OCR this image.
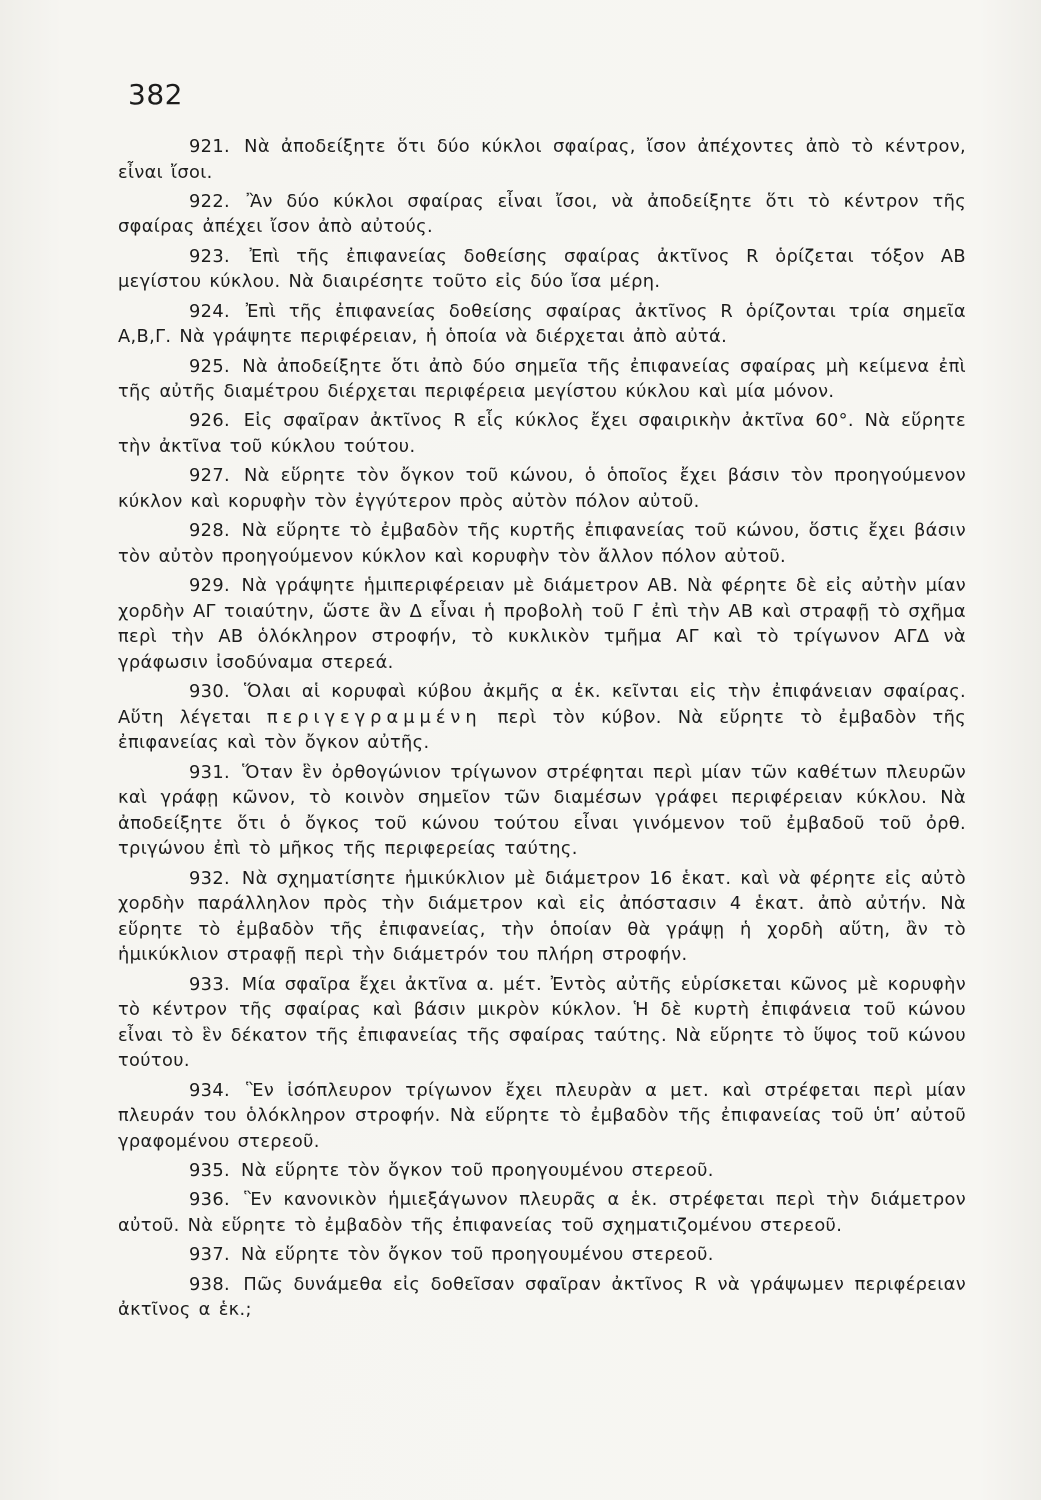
382

921. Νὰ ἀποδείξητε ὅτι δύο κύκλοι σφαίρας, ἴσον ἀπέχοντες ἀπὸ τὸ κέντρον, εἶναι ἴσοι.

922. Ἂν δύο κύκλοι σφαίρας εἶναι ἴσοι, νὰ ἀποδείξητε ὅτι τὸ κέντρον τῆς σφαίρας ἀπέχει ἴσον ἀπὸ αὐτούς.

923. Ἐπὶ τῆς ἐπιφανείας δοθείσης σφαίρας ἀκτῖνος R ὁρίζεται τόξον ΑΒ μεγίστου κύκλου. Νὰ διαιρέσητε τοῦτο εἰς δύο ἴσα μέρη.

924. Ἐπὶ τῆς ἐπιφανείας δοθείσης σφαίρας ἀκτῖνος R ὁρίζονται τρία σημεῖα Α,Β,Γ. Νὰ γράψητε περιφέρειαν, ἡ ὁποία νὰ διέρχεται ἀπὸ αὐτά.

925. Νὰ ἀποδείξητε ὅτι ἀπὸ δύο σημεῖα τῆς ἐπιφανείας σφαίρας μὴ κείμενα ἐπὶ τῆς αὐτῆς διαμέτρου διέρχεται περιφέρεια μεγίστου κύκλου καὶ μία μόνον.

926. Εἰς σφαῖραν ἀκτῖνος R εἷς κύκλος ἔχει σφαιρικὴν ἀκτῖνα 60°. Νὰ εὕρητε τὴν ἀκτῖνα τοῦ κύκλου τούτου.

927. Νὰ εὕρητε τὸν ὄγκον τοῦ κώνου, ὁ ὁποῖος ἔχει βάσιν τὸν προηγούμενον κύκλον καὶ κορυφὴν τὸν ἐγγύτερον πρὸς αὐτὸν πόλον αὐτοῦ.

928. Νὰ εὕρητε τὸ ἐμβαδὸν τῆς κυρτῆς ἐπιφανείας τοῦ κώνου, ὅστις ἔχει βάσιν τὸν αὐτὸν προηγούμενον κύκλον καὶ κορυφὴν τὸν ἄλλον πόλον αὐτοῦ.

929. Νὰ γράψητε ἡμιπεριφέρειαν μὲ διάμετρον ΑΒ. Νὰ φέρητε δὲ εἰς αὐτὴν μίαν χορδὴν ΑΓ τοιαύτην, ὥστε ἂν Δ εἶναι ἡ προβολὴ τοῦ Γ ἐπὶ τὴν ΑΒ καὶ στραφῇ τὸ σχῆμα περὶ τὴν ΑΒ ὁλόκληρον στροφήν, τὸ κυκλικὸν τμῆμα ΑΓ καὶ τὸ τρίγωνον ΑΓΔ νὰ γράφωσιν ἰσοδύναμα στερεά.

930. Ὅλαι αἱ κορυφαὶ κύβου ἀκμῆς α ἑκ. κεῖνται εἰς τὴν ἐπιφάνειαν σφαίρας. Αὕτη λέγεται περιγεγραμμένη περὶ τὸν κύβον. Νὰ εὕρητε τὸ ἐμβαδὸν τῆς ἐπιφανείας καὶ τὸν ὄγκον αὐτῆς.

931. Ὅταν ἓν ὀρθογώνιον τρίγωνον στρέφηται περὶ μίαν τῶν καθέτων πλευρῶν καὶ γράφῃ κῶνον, τὸ κοινὸν σημεῖον τῶν διαμέσων γράφει περιφέρειαν κύκλου. Νὰ ἀποδείξητε ὅτι ὁ ὄγκος τοῦ κώνου τούτου εἶναι γινόμενον τοῦ ἐμβαδοῦ τοῦ ὀρθ. τριγώνου ἐπὶ τὸ μῆκος τῆς περιφερείας ταύτης.

932. Νὰ σχηματίσητε ἡμικύκλιον μὲ διάμετρον 16 ἑκατ. καὶ νὰ φέρητε εἰς αὐτὸ χορδὴν παράλληλον πρὸς τὴν διάμετρον καὶ εἰς ἀπόστασιν 4 ἑκατ. ἀπὸ αὐτήν. Νὰ εὕρητε τὸ ἐμβαδὸν τῆς ἐπιφανείας, τὴν ὁποίαν θὰ γράψῃ ἡ χορδὴ αὕτη, ἂν τὸ ἡμικύκλιον στραφῇ περὶ τὴν διάμετρόν του πλήρη στροφήν.

933. Μία σφαῖρα ἔχει ἀκτῖνα α. μέτ. Ἐντὸς αὐτῆς εὑρίσκεται κῶνος μὲ κορυφὴν τὸ κέντρον τῆς σφαίρας καὶ βάσιν μικρὸν κύκλον. Ἡ δὲ κυρτὴ ἐπιφάνεια τοῦ κώνου εἶναι τὸ ἓν δέκατον τῆς ἐπιφανείας τῆς σφαίρας ταύτης. Νὰ εὕρητε τὸ ὕψος τοῦ κώνου τούτου.

934. Ἓν ἰσόπλευρον τρίγωνον ἔχει πλευρὰν α μετ. καὶ στρέφεται περὶ μίαν πλευράν του ὁλόκληρον στροφήν. Νὰ εὕρητε τὸ ἐμβαδὸν τῆς ἐπιφανείας τοῦ ὑπ’ αὐτοῦ γραφομένου στερεοῦ.

935. Νὰ εὕρητε τὸν ὄγκον τοῦ προηγουμένου στερεοῦ.

936. Ἓν κανονικὸν ἡμιεξάγωνον πλευρᾶς α ἑκ. στρέφεται περὶ τὴν διάμετρον αὐτοῦ. Νὰ εὕρητε τὸ ἐμβαδὸν τῆς ἐπιφανείας τοῦ σχηματιζομένου στερεοῦ.

937. Νὰ εὕρητε τὸν ὄγκον τοῦ προηγουμένου στερεοῦ.

938. Πῶς δυνάμεθα εἰς δοθεῖσαν σφαῖραν ἀκτῖνος R νὰ γράψωμεν περιφέρειαν ἀκτῖνος α ἑκ.;
